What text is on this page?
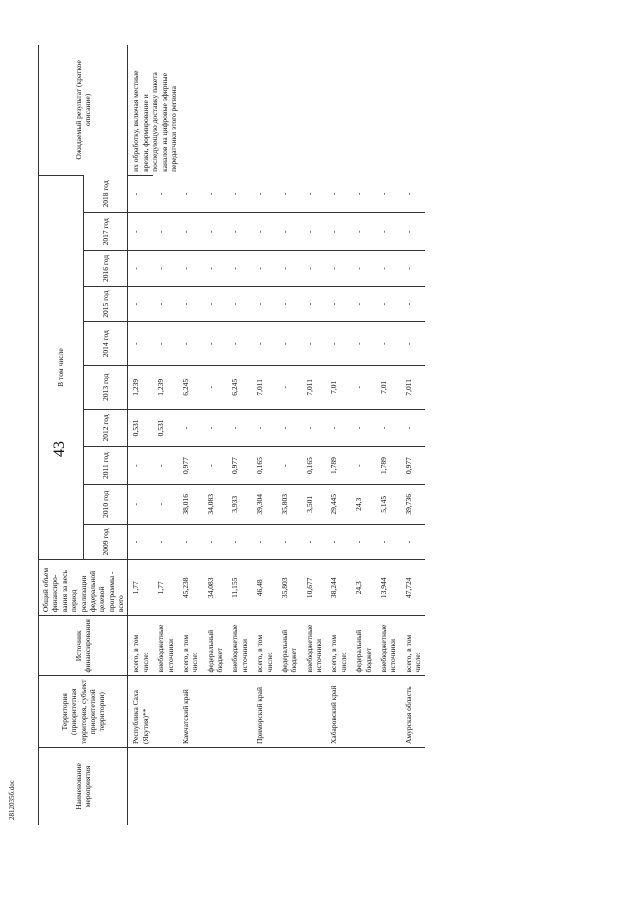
43
2812035б.doc	Наименование мероприятия	Территория (приоритетная территория, субъект приоритетной территории)	Источник финансирования	Общий объем финансиро-вания за весь период реализации федеральной целевой программы - всего	В том числе										Ожидаемый результат (краткое описание)
				2009 год	2010 год	2011 год	2012 год	2013 год	2014 год	2015 год	2016 год	2017 год	2018 год	
	Республика Саха (Якутия)**	всего, в том числе:	1,77	-	-	-	0,531	1,239	-	-	-	-	-	их обработку, включая местные врезки, формирование и последующую доставку пакета каналов на цифровые эфирные передатчики этого региона
		внебюджетные источники	1,77	-	-	-	0,531	1,239	-	-	-	-	-	
	Камчатский край	всего, в том числе:	45,238	-	38,016	0,977	-	6,245	-	-	-	-	-	
		федеральный бюджет	34,083	-	34,083	-	-	-	-	-	-	-	-	
		внебюджетные источники	11,155	-	3,933	0,977	-	6,245	-	-	-	-	-	
	Приморский край	всего, в том числе:	46,48	-	39,304	0,165	-	7,011	-	-	-	-	-	
		федеральный бюджет	35,803	-	35,803	-	-	-	-	-	-	-	-	
		внебюджетные источники	10,677	-	3,501	0,165	-	7,011	-	-	-	-	-	
	Хабаровский край	всего, в том числе:	38,244	-	29,445	1,789	-	7,01	-	-	-	-	-	
		федеральный бюджет	24,3	-	24,3	-	-	-	-	-	-	-	-	
		внебюджетные источники	13,944	-	5,145	1,789	-	7,01	-	-	-	-	-	
	Амурская область	всего, в том числе:	47,724	-	39,736	0,977	-	7,011	-	-	-	-	-	
